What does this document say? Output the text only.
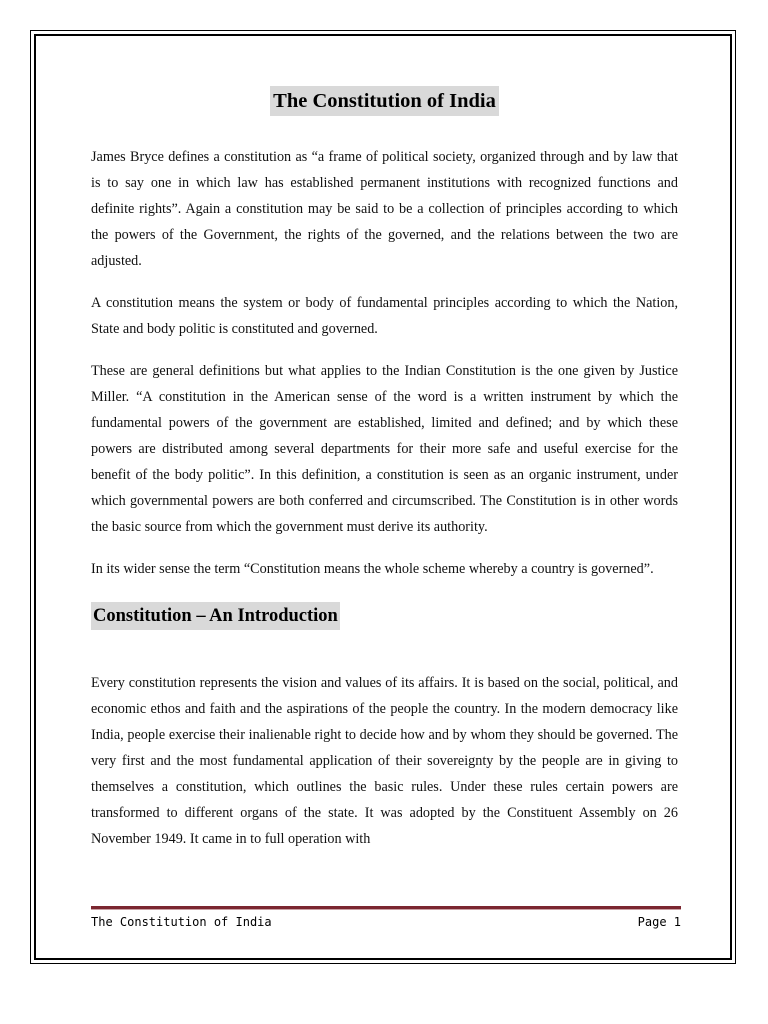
The Constitution of India

James Bryce defines a constitution as “a frame of political society, organized through and by law that is to say one in which law has established permanent institutions with recognized functions and definite rights”. Again a constitution may be said to be a collection of principles according to which the powers of the Government, the rights of the governed, and the relations between the two are adjusted.

A constitution means the system or body of fundamental principles according to which the Nation, State and body politic is constituted and governed.

These are general definitions but what applies to the Indian Constitution is the one given by Justice Miller. “A constitution in the American sense of the word is a written instrument by which the fundamental powers of the government are established, limited and defined; and by which these powers are distributed among several departments for their more safe and useful exercise for the benefit of the body politic”. In this definition, a constitution is seen as an organic instrument, under which governmental powers are both conferred and circumscribed. The Constitution is in other words the basic source from which the government must derive its authority.

In its wider sense the term “Constitution means the whole scheme whereby a country is governed”.

Constitution – An Introduction

Every constitution represents the vision and values of its affairs. It is based on the social, political, and economic ethos and faith and the aspirations of the people the country. In the modern democracy like India, people exercise their inalienable right to decide how and by whom they should be governed. The very first and the most fundamental application of their sovereignty by the people are in giving to themselves a constitution, which outlines the basic rules. Under these rules certain powers are transformed to different organs of the state. It was adopted by the Constituent Assembly on 26 November 1949. It came in to full operation with

The Constitution of India	Page 1
